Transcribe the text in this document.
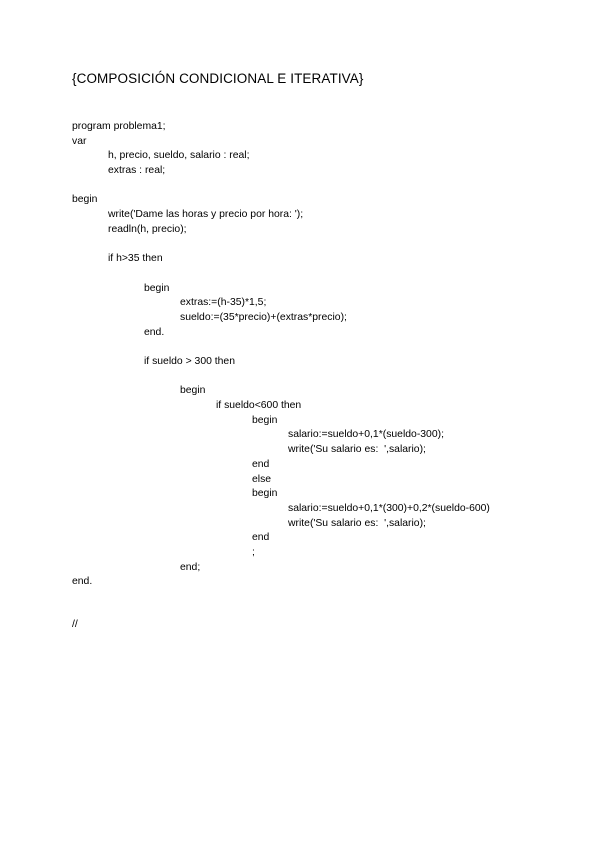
{COMPOSICIÓN CONDICIONAL E ITERATIVA}
program problema1;
var
h, precio, sueldo, salario : real;
extras : real;
begin
write('Dame las horas y precio por hora: ');
readln(h, precio);
if h>35 then
begin
extras:=(h-35)*1,5;
sueldo:=(35*precio)+(extras*precio);
end.
if sueldo > 300 then
begin
if sueldo<600 then
begin
salario:=sueldo+0,1*(sueldo-300);
write('Su salario es:  ',salario);
end
else
begin
salario:=sueldo+0,1*(300)+0,2*(sueldo-600)
write('Su salario es:  ',salario);
end
;
end;
end.
//
